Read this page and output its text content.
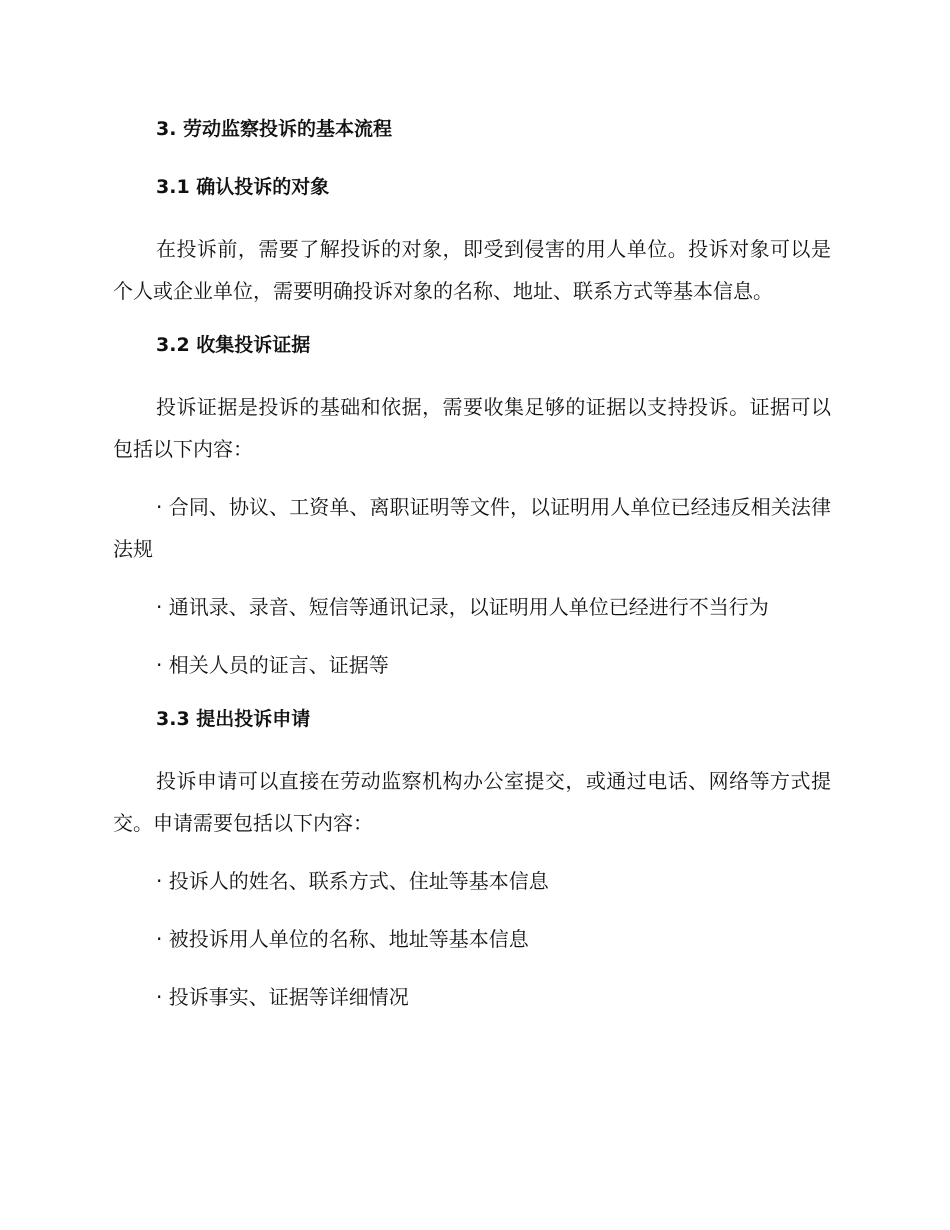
3. 劳动监察投诉的基本流程
3.1 确认投诉的对象

在投诉前，需要了解投诉的对象，即受到侵害的用人单位。投诉对象可以是个人或企业单位，需要明确投诉对象的名称、地址、联系方式等基本信息。

3.2 收集投诉证据

投诉证据是投诉的基础和依据，需要收集足够的证据以支持投诉。证据可以包括以下内容：

· 合同、协议、工资单、离职证明等文件，以证明用人单位已经违反相关法律法规

· 通讯录、录音、短信等通讯记录，以证明用人单位已经进行不当行为

· 相关人员的证言、证据等

3.3 提出投诉申请

投诉申请可以直接在劳动监察机构办公室提交，或通过电话、网络等方式提交。申请需要包括以下内容：

· 投诉人的姓名、联系方式、住址等基本信息

· 被投诉用人单位的名称、地址等基本信息

· 投诉事实、证据等详细情况
